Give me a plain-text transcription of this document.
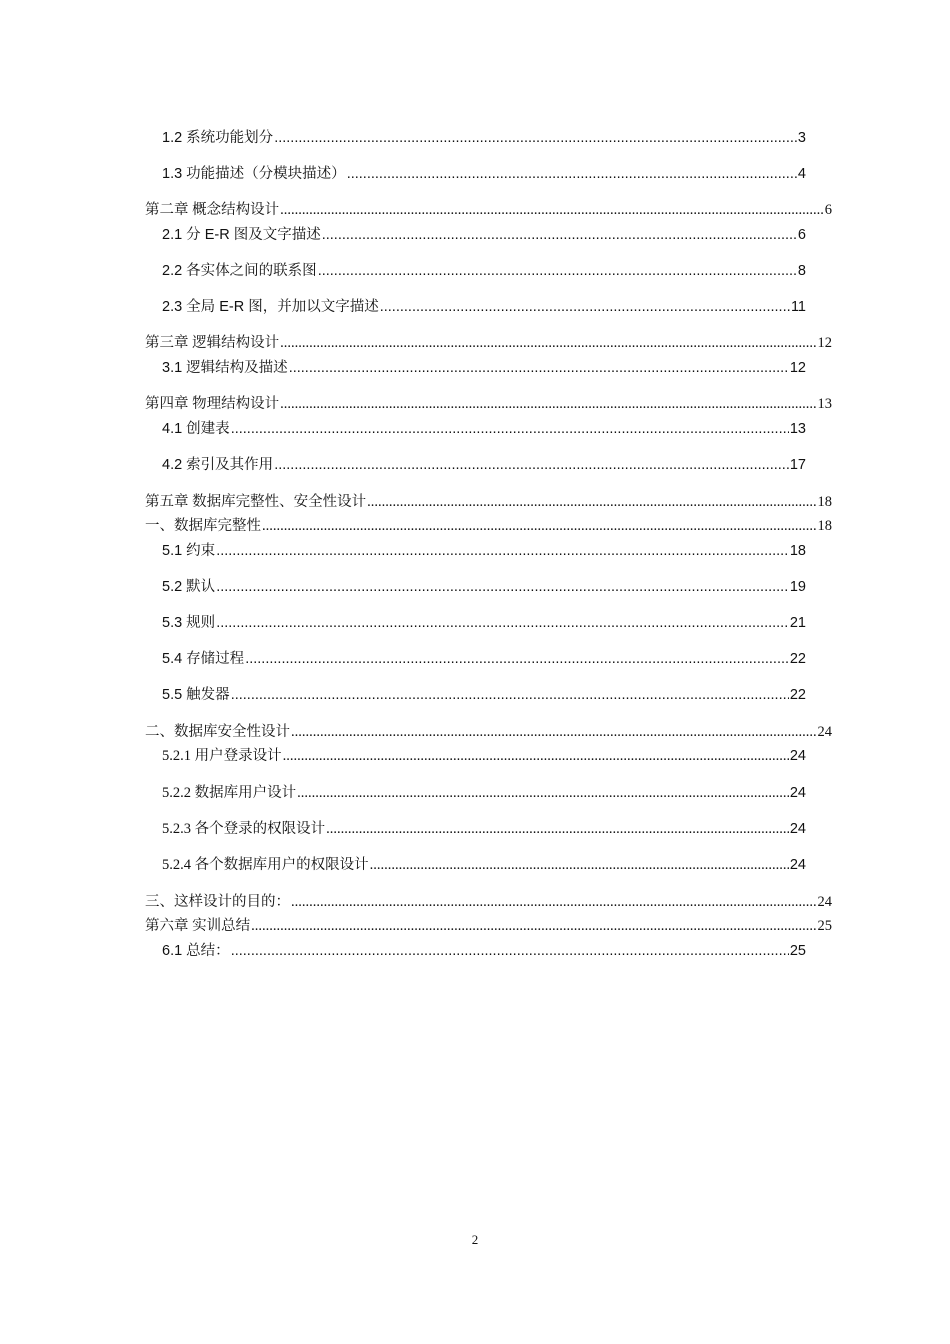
1.2 系统功能划分 .....	3
1.3 功能描述（分模块描述） .....	4
第二章 概念结构设计 .....	6
2.1 分 E-R 图及文字描述 .....	6
2.2 各实体之间的联系图 .....	8
2.3 全局 E-R 图，并加以文字描述 .....	11
第三章 逻辑结构设计 .....	12
3.1 逻辑结构及描述 .....	12
第四章 物理结构设计 .....	13
4.1 创建表 .....	13
4.2 索引及其作用 .....	17
第五章 数据库完整性、安全性设计 .....	18
一、数据库完整性 .....	18
5.1 约束 .....	18
5.2 默认 .....	19
5.3 规则 .....	21
5.4 存储过程 .....	22
5.5 触发器 .....	22
二、数据库安全性设计 .....	24
5.2.1 用户登录设计 .....	24
5.2.2 数据库用户设计 .....	24
5.2.3 各个登录的权限设计 .....	24
5.2.4 各个数据库用户的权限设计 .....	24
三、这样设计的目的： .....	24
第六章 实训总结 .....	25
6.1 总结： .....	25
2
